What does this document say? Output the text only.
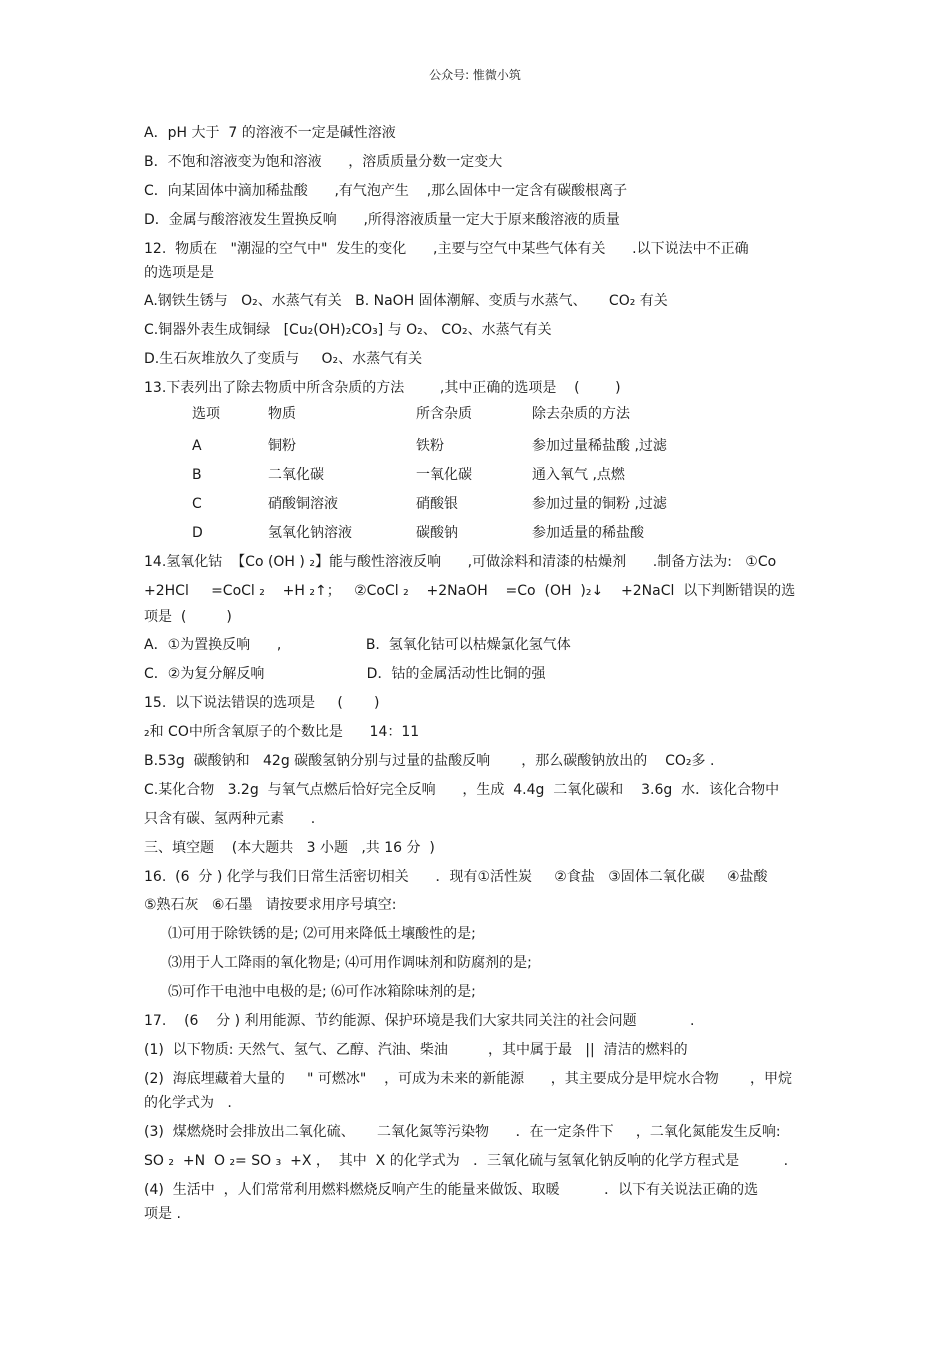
公众号: 惟微小筑
A．pH 大于  7 的溶液不一定是碱性溶液
B．不饱和溶液变为饱和溶液      ，溶质质量分数一定变大
C．向某固体中滴加稀盐酸      ,有气泡产生    ,那么固体中一定含有碳酸根离子
D．金属与酸溶液发生置换反响      ,所得溶液质量一定大于原来酸溶液的质量
12.  物质在   "潮湿的空气中"  发生的变化      ,主要与空气中某些气体有关      .以下说法中不正确
的选项是是
A.钢铁生锈与   O₂、水蒸气有关   B. NaOH 固体潮解、变质与水蒸气、     CO₂ 有关
C.铜器外表生成铜绿   [Cu₂(OH)₂CO₃] 与 O₂、 CO₂、水蒸气有关
D.生石灰堆放久了变质与     O₂、水蒸气有关
13.下表列出了除去物质中所含杂质的方法        ,其中正确的选项是    (        )
选项	物质	所含杂质	除去杂质的方法
A	铜粉	铁粉	参加过量稀盐酸 ,过滤
B	二氧化碳	一氧化碳	通入氧气 ,点燃
C	硝酸铜溶液	硝酸银	参加过量的铜粉 ,过滤
D	氢氧化钠溶液	碳酸钠	参加适量的稀盐酸
14.氢氧化钴  【Co (OH ) ₂】能与酸性溶液反响      ,可做涂料和清漆的枯燥剂      .制备方法为:   ①Co
+2HCl     =CoCl ₂    +H ₂↑；   ②CoCl ₂    +2NaOH    =Co  (OH  )₂↓    +2NaCl  以下判断错误的选
项是  (         )
A．①为置换反响      ,                   B.  氢氧化钴可以枯燥氯化氢气体
C．②为复分解反响                       D．钴的金属活动性比铜的强
15.  以下说法错误的选项是     (       )
₂和 CO中所含氧原子的个数比是      14：11
B.53g  碳酸钠和   42g 碳酸氢钠分别与过量的盐酸反响       ，那么碳酸钠放出的    CO₂多 .
C.某化合物   3.2g  与氧气点燃后恰好完全反响      ，生成  4.4g  二氧化碳和    3.6g  水．该化合物中
只含有碳、氢两种元素      .
三、填空题    (本大题共   3 小题   ,共 16 分  )
16.  (6  分 ) 化学与我们日常生活密切相关      ．现有①活性炭     ②食盐   ③固体二氧化碳     ④盐酸
⑤熟石灰   ⑥石墨   请按要求用序号填空:
⑴可用于除铁锈的是; ⑵可用来降低土壤酸性的是;
⑶用于人工降雨的氧化物是; ⑷可用作调味剂和防腐剂的是;
⑸可作干电池中电极的是; ⑹可作冰箱除味剂的是;
17.    (6    分 ) 利用能源、节约能源、保护环境是我们大家共同关注的社会问题            .
(1)  以下物质: 天然气、氢气、乙醇、汽油、柴油         ，其中属于最   ||  清洁的燃料的
(2)  海底埋藏着大量的     " 可燃冰"    ，可成为未来的新能源      ，其主要成分是甲烷水合物       ，甲烷
的化学式为   .
(3)  煤燃烧时会排放出二氧化硫、     二氧化氮等污染物      ．在一定条件下     ，二氧化氮能发生反响:
SO ₂  +N  O ₂= SO ₃  +X ，  其中  X 的化学式为   ．三氧化硫与氢氧化钠反响的化学方程式是          .
(4)  生活中  ，人们常常利用燃料燃烧反响产生的能量来做饭、取暖          ．以下有关说法正确的选
项是 .
